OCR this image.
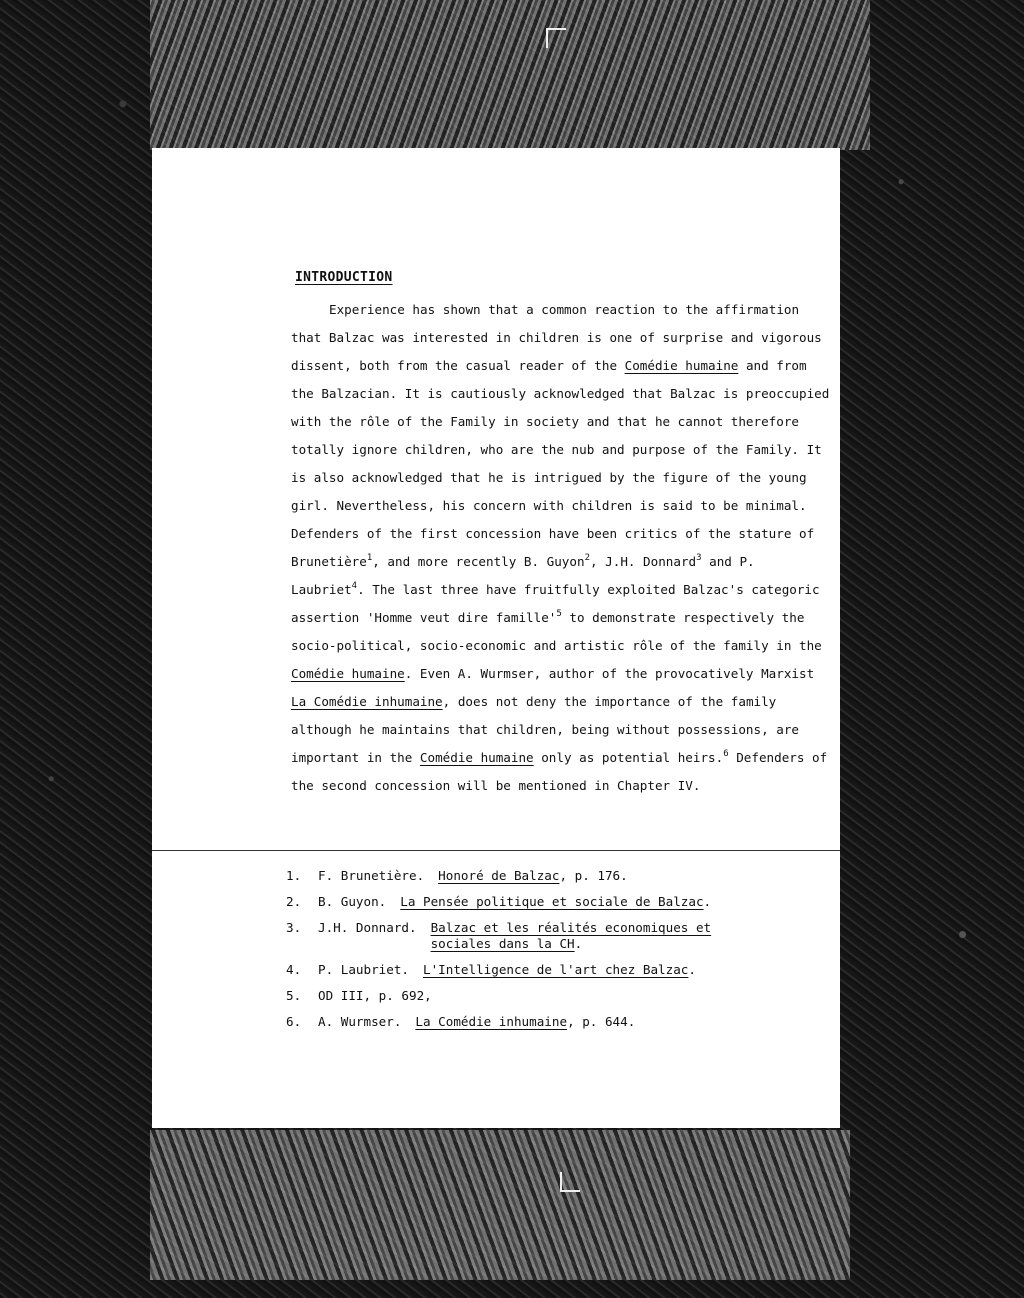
INTRODUCTION

Experience has shown that a common reaction to the affirmation that Balzac was interested in children is one of surprise and vigorous dissent, both from the casual reader of the Comédie humaine and from the Balzacian. It is cautiously acknowledged that Balzac is preoccupied with the rôle of the Family in society and that he cannot therefore totally ignore children, who are the nub and purpose of the Family. It is also acknowledged that he is intrigued by the figure of the young girl. Nevertheless, his concern with children is said to be minimal. Defenders of the first concession have been critics of the stature of Brunetière$^1$, and more recently B. Guyon$^2$, J.H. Donnard$^3$ and P. Laubriet$^4$. The last three have fruitfully exploited Balzac's categoric assertion 'Homme veut dire $famille'^5$ to demonstrate respectively the socio-political, socio-economic and artistic rôle of the family in the Comédie humaine. Even A. Wurmser, author of the provocatively Marxist La Comédie inhumaine, does not deny the importance of the family although he maintains that children, being without possessions, are important in the Comédie humaine only as potential heirs.$^6$ Defenders of the second concession will be mentioned in Chapter IV.

1.	F. Brunetière. Honoré de Balzac, p. 176.
2.	B. Guyon. La Pensée politique et sociale de Balzac.
3.	J.H. Donnard. Balzac et les réalités economiques et sociales dans la CH.
4.	P. Laubriet. L'Intelligence de l'art chez Balzac.
5.	OD III, p. 692,
6.	A. Wurmser. La Comédie inhumaine, p. 644.
